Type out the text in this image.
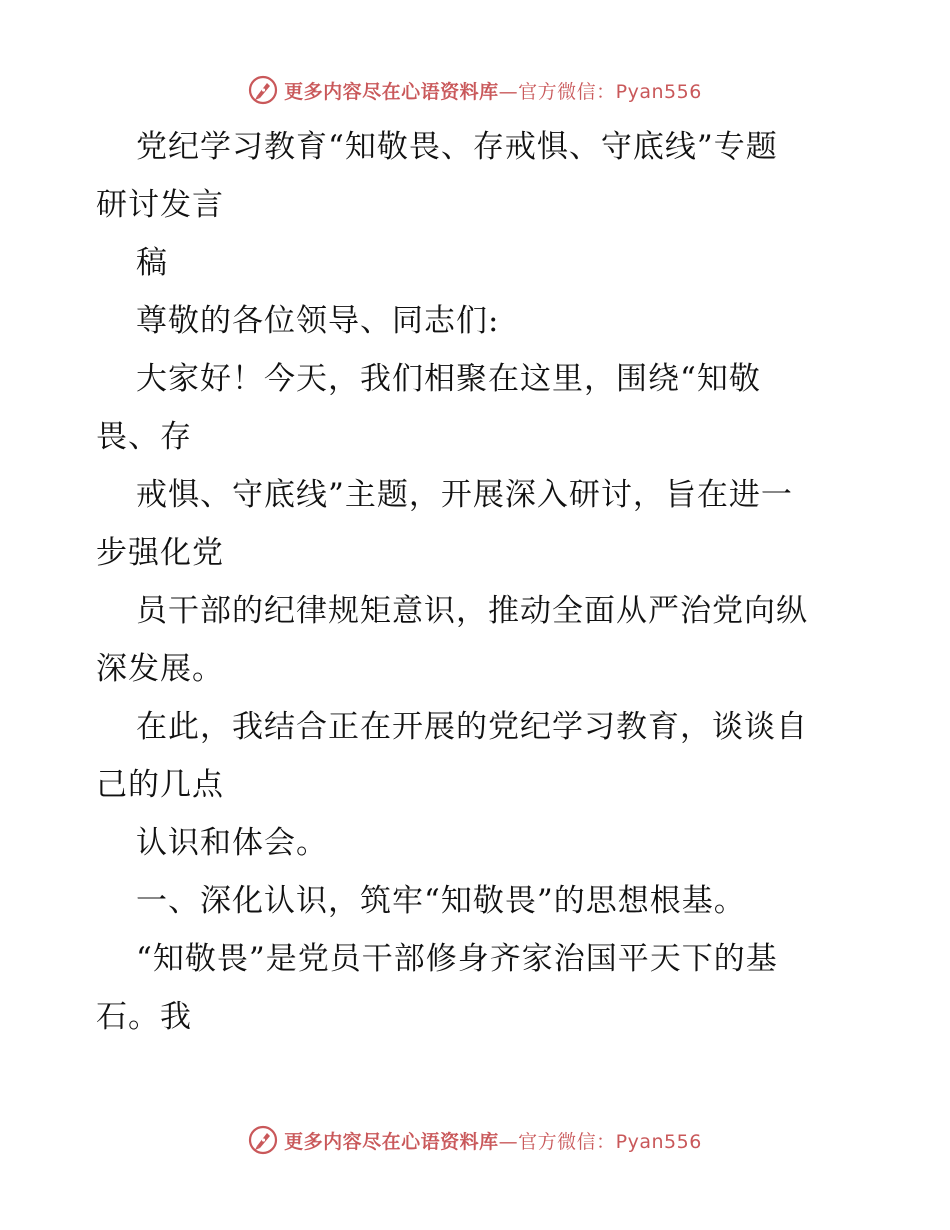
更多内容尽在心语资料库—官方微信：Pyan556
党纪学习教育“知敬畏、存戒惧、守底线”专题
研讨发言
稿
尊敬的各位领导、同志们:
大家好！今天，我们相聚在这里，围绕“知敬
畏、存
戒惧、守底线”主题，开展深入研讨，旨在进一
步强化党
员干部的纪律规矩意识，推动全面从严治党向纵
深发展。
在此，我结合正在开展的党纪学习教育，谈谈自
己的几点
认识和体会。
一、深化认识，筑牢“知敬畏”的思想根基。
“知敬畏”是党员干部修身齐家治国平天下的基
石。我
更多内容尽在心语资料库—官方微信：Pyan556
